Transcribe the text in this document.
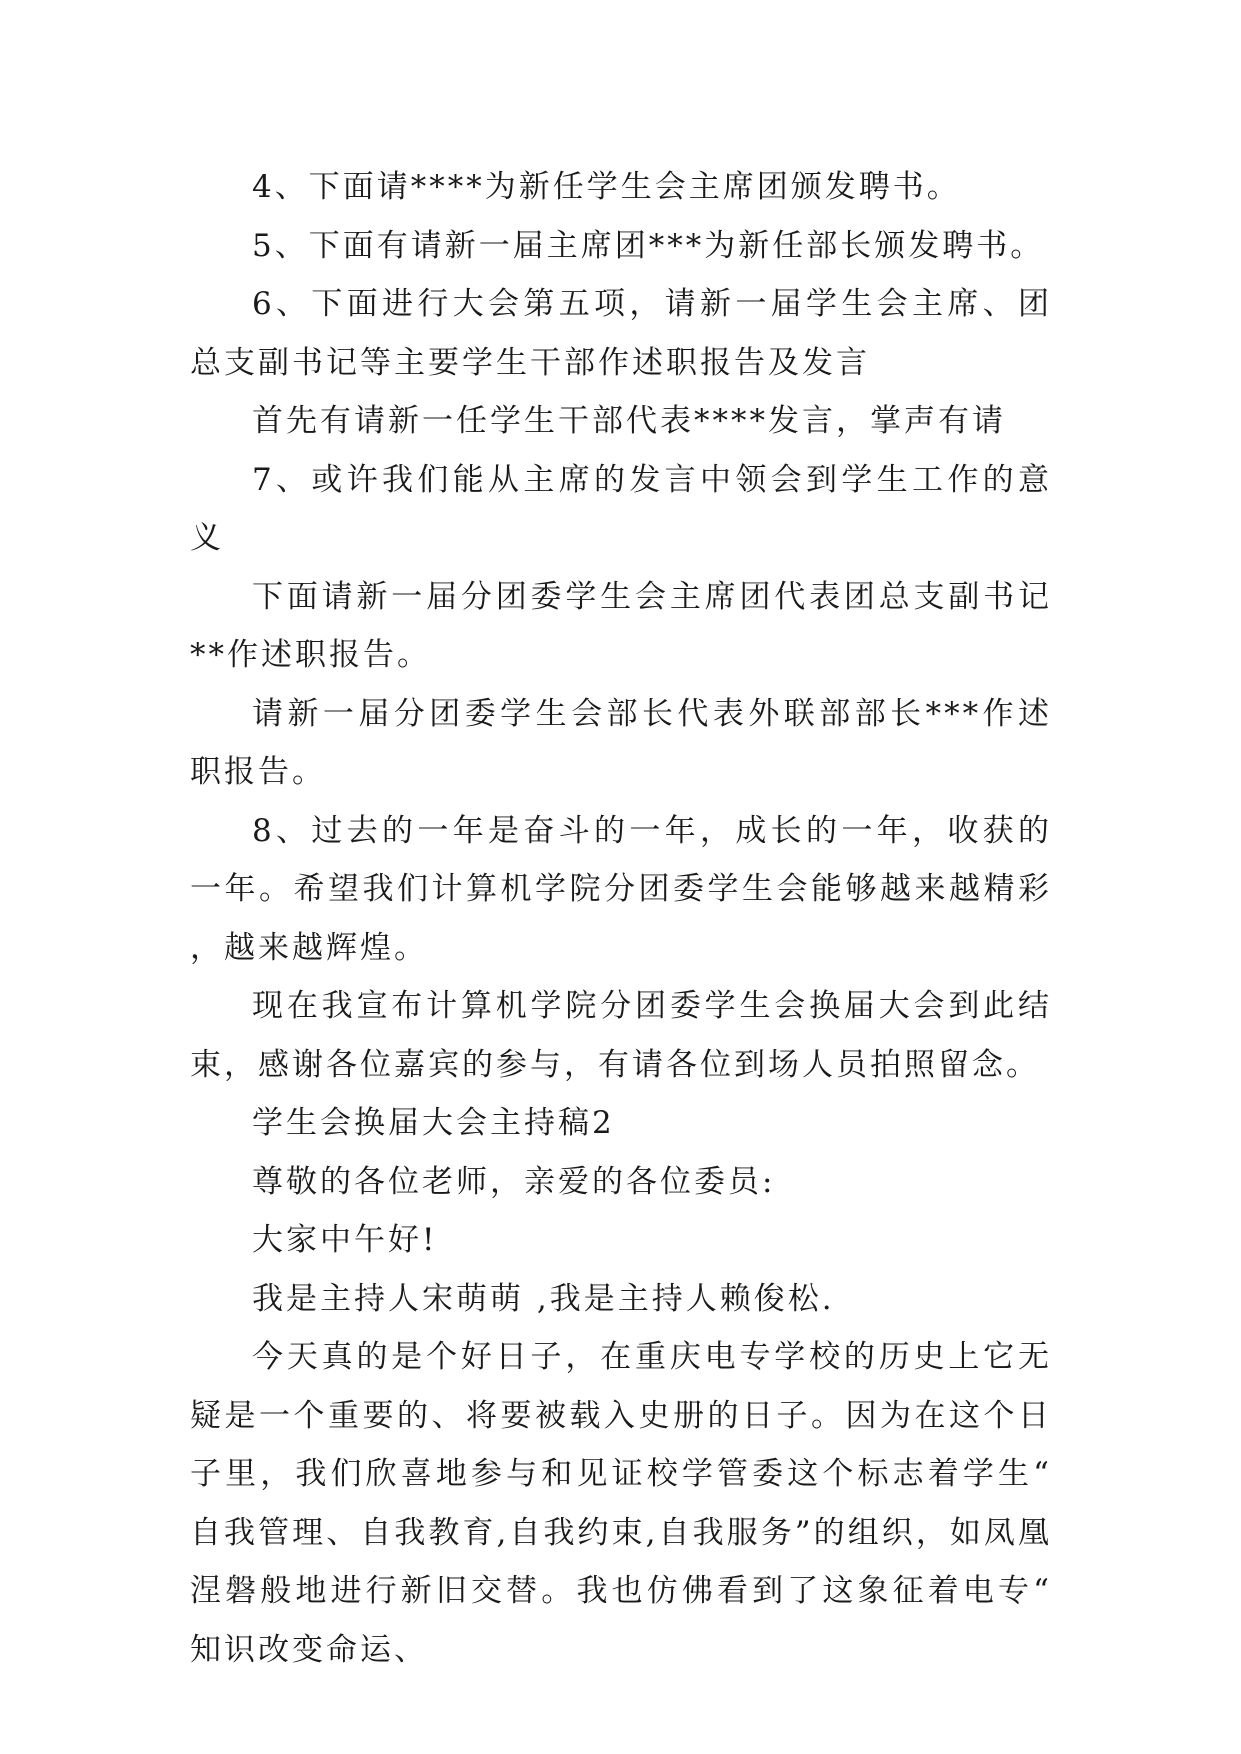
4、下面请****为新任学生会主席团颁发聘书。

5、下面有请新一届主席团***为新任部长颁发聘书。

6、下面进行大会第五项，请新一届学生会主席、团总支副书记等主要学生干部作述职报告及发言

首先有请新一任学生干部代表****发言，掌声有请

7、或许我们能从主席的发言中领会到学生工作的意义

下面请新一届分团委学生会主席团代表团总支副书记**作述职报告。

请新一届分团委学生会部长代表外联部部长***作述职报告。

8、过去的一年是奋斗的一年，成长的一年，收获的一年。希望我们计算机学院分团委学生会能够越来越精彩，越来越辉煌。

现在我宣布计算机学院分团委学生会换届大会到此结束，感谢各位嘉宾的参与，有请各位到场人员拍照留念。

学生会换届大会主持稿2

尊敬的各位老师，亲爱的各位委员:

大家中午好!

我是主持人宋萌萌 ,我是主持人赖俊松.

今天真的是个好日子，在重庆电专学校的历史上它无疑是一个重要的、将要被载入史册的日子。因为在这个日子里，我们欣喜地参与和见证校学管委这个标志着学生“自我管理、自我教育,自我约束,自我服务”的组织，如凤凰涅磐般地进行新旧交替。我也仿佛看到了这象征着电专“知识改变命运、
